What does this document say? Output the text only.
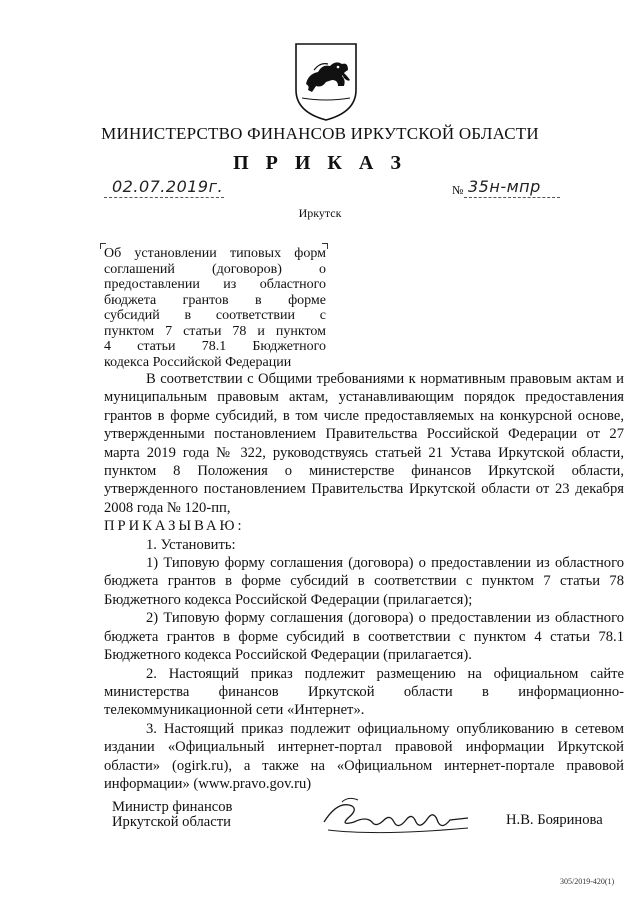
МИНИСТЕРСТВО ФИНАНСОВ ИРКУТСКОЙ ОБЛАСТИ
П Р И К А З
02.07.2019г.	№ 35н-мпр
Иркутск
Об установлении типовых форм
соглашений (договоров) о
предоставлении из областного
бюджета грантов в форме
субсидий в соответствии с
пунктом 7 статьи 78 и пунктом
4 статьи 78.1 Бюджетного
кодекса Российской Федерации

В соответствии с Общими требованиями к нормативным правовым актам и муниципальным правовым актам, устанавливающим порядок предоставления грантов в форме субсидий, в том числе предоставляемых на конкурсной основе, утвержденными постановлением Правительства Российской Федерации от 27 марта 2019 года № 322, руководствуясь статьей 21 Устава Иркутской области, пунктом 8 Положения о министерстве финансов Иркутской области, утвержденного постановлением Правительства Иркутской области от 23 декабря 2008 года № 120-пп,

ПРИКАЗЫВАЮ:

1. Установить:

1) Типовую форму соглашения (договора) о предоставлении из областного бюджета грантов в форме субсидий в соответствии с пунктом 7 статьи 78 Бюджетного кодекса Российской Федерации (прилагается);

2) Типовую форму соглашения (договора) о предоставлении из областного бюджета грантов в форме субсидий в соответствии с пунктом 4 статьи 78.1 Бюджетного кодекса Российской Федерации (прилагается).

2. Настоящий приказ подлежит размещению на официальном сайте министерства финансов Иркутской области в информационно-телекоммуникационной сети «Интернет».

3. Настоящий приказ подлежит официальному опубликованию в сетевом издании «Официальный интернет-портал правовой информации Иркутской области» (ogirk.ru), а также на «Официальном интернет-портале правовой информации» (www.pravo.gov.ru)

Министр финансов
Иркутской области	Н.В. Бояринова
305/2019-420(1)
